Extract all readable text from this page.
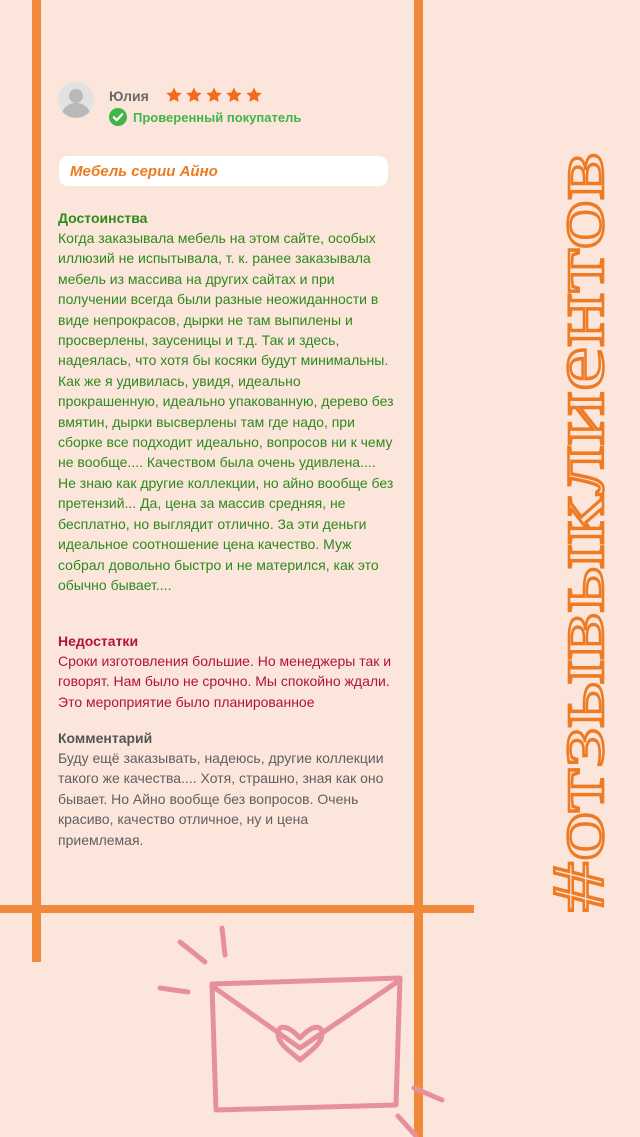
Юлия
Проверенный покупатель
Мебель серии Айно
Достоинства

Когда заказывала мебель на этом сайте, особых иллюзий не испытывала, т. к. ранее заказывала мебель из массива на других сайтах и при получении всегда были разные неожиданности в виде непрокрасов, дырки не там выпилены и просверлены, заусеницы и т.д. Так и здесь, надеялась, что хотя бы косяки будут минимальны. Как же я удивилась, увидя, идеально прокрашенную, идеально упакованную, дерево без вмятин, дырки высверлены там где надо, при сборке все подходит идеально, вопросов ни к чему не вообще.... Качеством была очень удивлена.... Не знаю как другие коллекции, но айно вообще без претензий... Да, цена за массив средняя, не бесплатно, но выглядит отлично. За эти деньги идеальное соотношение цена качество. Муж собрал довольно быстро и не матерился, как это обычно бывает....

Недостатки

Сроки изготовления большие. Но менеджеры так и говорят. Нам было не срочно. Мы спокойно ждали. Это мероприятие было планированное

Комментарий

Буду ещё заказывать, надеюсь, другие коллекции такого же качества.... Хотя, страшно, зная как оно бывает. Но Айно вообще без вопросов. Очень красиво, качество отличное, ну и цена приемлемая.	#отзывыклиентов
